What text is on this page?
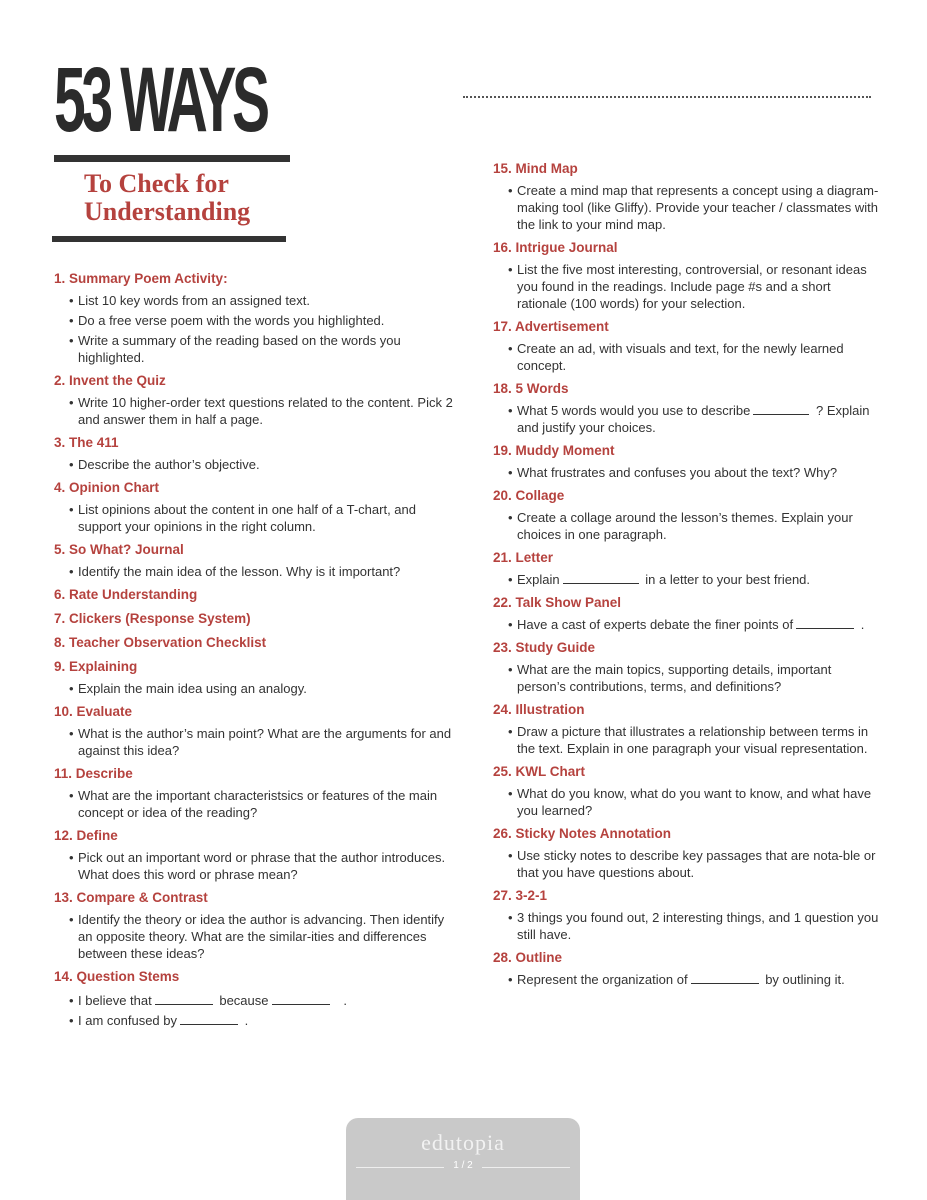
53 WAYS
To Check for
Understanding

1. Summary Poem Activity:

• List 10 key words from an assigned text.

• Do a free verse poem with the words you highlighted.

• Write a summary of the reading based on the words you highlighted.

2. Invent the Quiz

• Write 10 higher-order text questions related to the content. Pick 2 and answer them in half a page.

3. The 411

• Describe the author’s objective.

4. Opinion Chart

• List opinions about the content in one half of a T-chart, and support your opinions in the right column.

5. So What? Journal

• Identify the main idea of the lesson. Why is it important?

6. Rate Understanding

7. Clickers (Response System)

8. Teacher Observation Checklist

9. Explaining

• Explain the main idea using an analogy.

10. Evaluate

• What is the author’s main point? What are the arguments for and against this idea?

11. Describe

• What are the important characteristsics or features of the main concept or idea of the reading?

12. Define

• Pick out an important word or phrase that the author introduces. What does this word or phrase mean?

13. Compare & Contrast

• Identify the theory or idea the author is advancing. Then identify an opposite theory. What are the similar-ities and differences between these ideas?

14. Question Stems

• I believe that	because	.

• I am confused by	.

15. Mind Map

• Create a mind map that represents a concept using a diagram-making tool (like Gliffy). Provide your teacher / classmates with the link to your mind map.

16. Intrigue Journal

• List the five most interesting, controversial, or resonant ideas you found in the readings. Include page #s and a short rationale (100 words) for your selection.

17. Advertisement

• Create an ad, with visuals and text, for the newly learned concept.

18. 5 Words

• What 5 words would you use to describe	? Explain and justify your choices.

19. Muddy Moment

• What frustrates and confuses you about the text? Why?

20. Collage

• Create a collage around the lesson’s themes. Explain your choices in one paragraph.

21. Letter

• Explain	in a letter to your best friend.

22. Talk Show Panel

• Have a cast of experts debate the finer points of	.

23. Study Guide

• What are the main topics, supporting details, important person’s contributions, terms, and definitions?

24. Illustration

• Draw a picture that illustrates a relationship between terms in the text. Explain in one paragraph your visual representation.

25. KWL Chart

• What do you know, what do you want to know, and what have you learned?

26. Sticky Notes Annotation

• Use sticky notes to describe key passages that are nota-ble or that you have questions about.

27. 3-2-1

• 3 things you found out, 2 interesting things, and 1 question you still have.

28. Outline

• Represent the organization of	by outlining it.

edutopia
1 / 2
